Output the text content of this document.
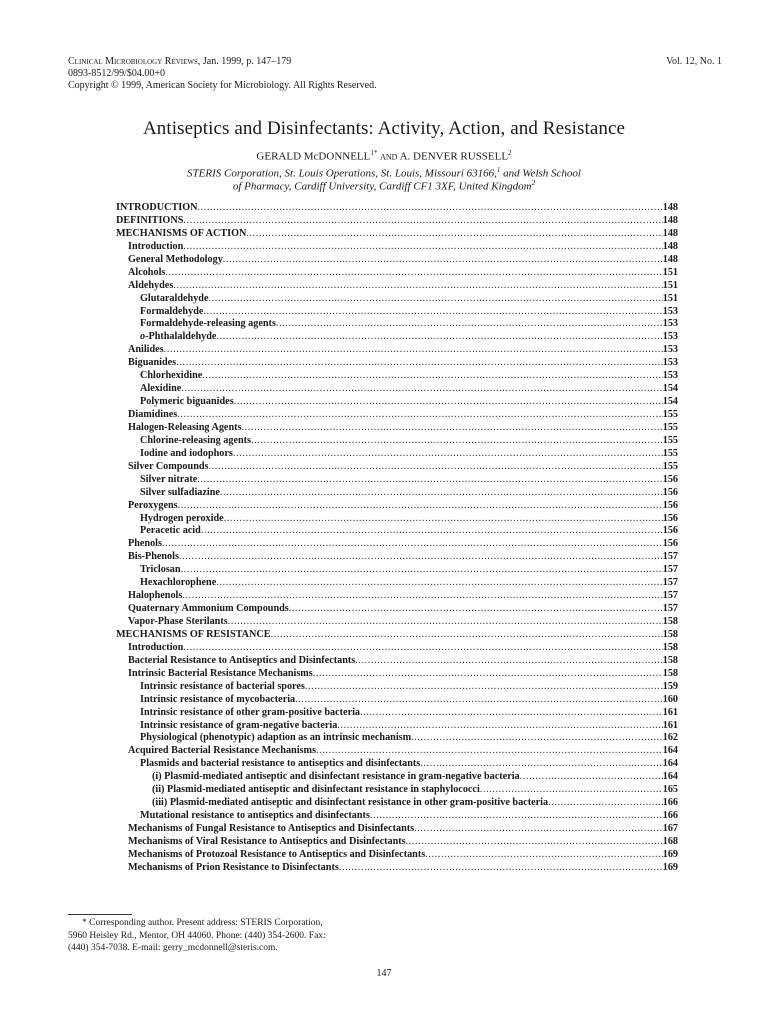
Clinical Microbiology Reviews, Jan. 1999, p. 147–179
0893-8512/99/$04.00+0
Copyright © 1999, American Society for Microbiology. All Rights Reserved.
Vol. 12, No. 1
Antiseptics and Disinfectants: Activity, Action, and Resistance
GERALD McDONNELL$^{1*}$ and A. DENVER RUSSELL$^2$
STERIS Corporation, St. Louis Operations, St. Louis, Missouri 63166,$^1$ and Welsh School
of Pharmacy, Cardiff University, Cardiff CF1 3XF, United Kingdom$^2$
INTRODUCTION .....	148
DEFINITIONS .....	148
MECHANISMS OF ACTION .....	148
Introduction .....	148
General Methodology .....	148
Alcohols .....	151
Aldehydes .....	151
Glutaraldehyde .....	151
Formaldehyde .....	153
Formaldehyde-releasing agents .....	153
o-Phthalaldehyde .....	153
Anilides .....	153
Biguanides .....	153
Chlorhexidine .....	153
Alexidine .....	154
Polymeric biguanides .....	154
Diamidines .....	155
Halogen-Releasing Agents .....	155
Chlorine-releasing agents .....	155
Iodine and iodophors .....	155
Silver Compounds .....	155
Silver nitrate .....	156
Silver sulfadiazine .....	156
Peroxygens .....	156
Hydrogen peroxide .....	156
Peracetic acid .....	156
Phenols .....	156
Bis-Phenols .....	157
Triclosan .....	157
Hexachlorophene .....	157
Halophenols .....	157
Quaternary Ammonium Compounds .....	157
Vapor-Phase Sterilants .....	158
MECHANISMS OF RESISTANCE .....	158
Introduction .....	158
Bacterial Resistance to Antiseptics and Disinfectants .....	158
Intrinsic Bacterial Resistance Mechanisms .....	158
Intrinsic resistance of bacterial spores .....	159
Intrinsic resistance of mycobacteria .....	160
Intrinsic resistance of other gram-positive bacteria .....	161
Intrinsic resistance of gram-negative bacteria .....	161
Physiological (phenotypic) adaption as an intrinsic mechanism .....	162
Acquired Bacterial Resistance Mechanisms .....	164
Plasmids and bacterial resistance to antiseptics and disinfectants .....	164
(i) Plasmid-mediated antiseptic and disinfectant resistance in gram-negative bacteria .....	164
(ii) Plasmid-mediated antiseptic and disinfectant resistance in staphylococci .....	165
(iii) Plasmid-mediated antiseptic and disinfectant resistance in other gram-positive bacteria .....	166
Mutational resistance to antiseptics and disinfectants .....	166
Mechanisms of Fungal Resistance to Antiseptics and Disinfectants .....	167
Mechanisms of Viral Resistance to Antiseptics and Disinfectants .....	168
Mechanisms of Protozoal Resistance to Antiseptics and Disinfectants .....	169
Mechanisms of Prion Resistance to Disinfectants .....	169
* Corresponding author. Present address: STERIS Corporation,
5960 Heisley Rd., Mentor, OH 44060. Phone: (440) 354-2600. Fax:
(440) 354-7038. E-mail: gerry_mcdonnell@steris.com.
147
